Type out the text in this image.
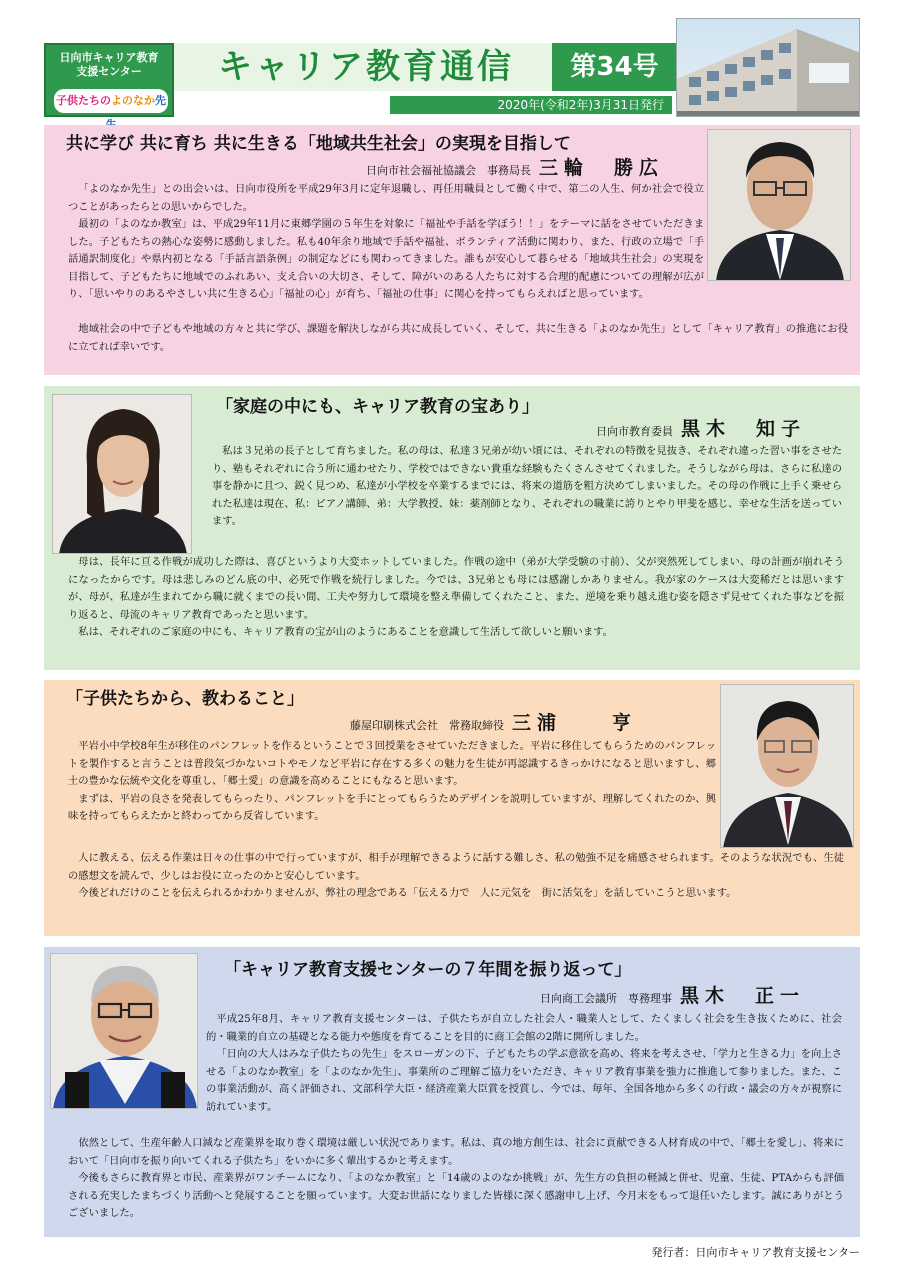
日向市キャリア教育
支援センター
子供たちのよのなか先
キャリア教育通信	第34号
2020年(令和2年)3月31日発行
共に学び 共に育ち 共に生きる「地域共生社会」の実現を目指して
日向市社会福祉協議会　事務局長 三輪　勝広

「よのなか先生」との出会いは、日向市役所を平成29年3月に定年退職し、再任用職員として働く中で、第二の人生、何か社会で役立つことがあったらとの思いからでした。

最初の「よのなか教室」は、平成29年11月に東郷学園の５年生を対象に「福祉や手話を学ぼう！！」をテーマに話をさせていただきました。子どもたちの熱心な姿勢に感動しました。私も40年余り地域で手話や福祉、ボランティア活動に関わり、また、行政の立場で「手話通訳制度化」や県内初となる「手話言語条例」の制定などにも関わってきました。誰もが安心して暮らせる「地域共生社会」の実現を目指して、子どもたちに地域でのふれあい、支え合いの大切さ、そして、障がいのある人たちに対する合理的配慮についての理解が広がり、「思いやりのあるやさしい共に生きる心」「福祉の心」が育ち、「福祉の仕事」に関心を持ってもらえればと思っています。

地域社会の中で子どもや地域の方々と共に学び、課題を解決しながら共に成長していく、そして、共に生きる「よのなか先生」として「キャリア教育」の推進にお役に立てれば幸いです。

「家庭の中にも、キャリア教育の宝あり」
日向市教育委員 黒木　知子

私は３兄弟の長子として育ちました。私の母は、私達３兄弟が幼い頃には、それぞれの特徴を見抜き、それぞれ違った習い事をさせたり、塾もそれぞれに合う所に通わせたり、学校ではできない貴重な経験もたくさんさせてくれました。そうしながら母は、さらに私達の事を静かに且つ、鋭く見つめ、私達が小学校を卒業するまでには、将来の道筋を粗方決めてしまいました。その母の作戦に上手く乗せられた私達は現在、私：ピアノ講師、弟：大学教授、妹：薬剤師となり、それぞれの職業に誇りとやり甲斐を感じ、幸せな生活を送っています。

母は、長年に亘る作戦が成功した際は、喜びというより大変ホットしていました。作戦の途中（弟が大学受験の寸前）、父が突然死してしまい、母の計画が崩れそうになったからです。母は悲しみのどん底の中、必死で作戦を続行しました。今では、3兄弟とも母には感謝しかありません。我が家のケースは大変稀だとは思いますが、母が、私達が生まれてから職に就くまでの長い間、工夫や努力して環境を整え準備してくれたこと、また、逆境を乗り越え進む姿を隠さず見せてくれた事などを振り返ると、母流のキャリア教育であったと思います。

私は、それぞれのご家庭の中にも、キャリア教育の宝が山のようにあることを意識して生活して欲しいと願います。

「子供たちから、教わること」
藤屋印刷株式会社　常務取締役 三浦　　亨

平岩小中学校8年生が移住のパンフレットを作るということで３回授業をさせていただきました。平岩に移住してもらうためのパンフレットを製作すると言うことは普段気づかないコトやモノなど平岩に存在する多くの魅力を生徒が再認識するきっかけになると思いますし、郷土の豊かな伝統や文化を尊重し、「郷土愛」の意識を高めることにもなると思います。

まずは、平岩の良さを発表してもらったり、パンフレットを手にとってもらうためデザインを説明していますが、理解してくれたのか、興味を持ってもらえたかと終わってから反省しています。

人に教える、伝える作業は日々の仕事の中で行っていますが、相手が理解できるように話する難しさ、私の勉強不足を痛感させられます。そのような状況でも、生徒の感想文を読んで、少しはお役に立ったのかと安心しています。

今後どれだけのことを伝えられるかわかりませんが、弊社の理念である「伝える力で　人に元気を　街に活気を」を話していこうと思います。

「キャリア教育支援センターの７年間を振り返って」
日向商工会議所　専務理事 黒木　正一

平成25年8月、キャリア教育支援センターは、子供たちが自立した社会人・職業人として、たくましく社会を生き抜くために、社会的・職業的自立の基礎となる能力や態度を育てることを目的に商工会館の2階に開所しました。

「日向の大人はみな子供たちの先生」をスローガンの下、子どもたちの学ぶ意欲を高め、将来を考えさせ、「学力と生きる力」を向上させる「よのなか教室」を「よのなか先生」、事業所のご理解ご協力をいただき、キャリア教育事業を強力に推進して参りました。また、この事業活動が、高く評価され、文部科学大臣・経済産業大臣賞を授賞し、今では、毎年、全国各地から多くの行政・議会の方々が視察に訪れています。

依然として、生産年齢人口減など産業界を取り巻く環境は厳しい状況であります。私は、真の地方創生は、社会に貢献できる人材育成の中で、「郷土を愛し」、将来において「日向市を振り向いてくれる子供たち」をいかに多く輩出するかと考えます。

今後もさらに教育界と市民、産業界がワンチームになり、「よのなか教室」と「14歳のよのなか挑戦」が、先生方の負担の軽減と併せ、児童、生徒、PTAからも評価される充実したまちづくり活動へと発展することを願っています。大変お世話になりました皆様に深く感謝申し上げ、今月末をもって退任いたします。誠にありがとうございました。

発行者：日向市キャリア教育支援センター
